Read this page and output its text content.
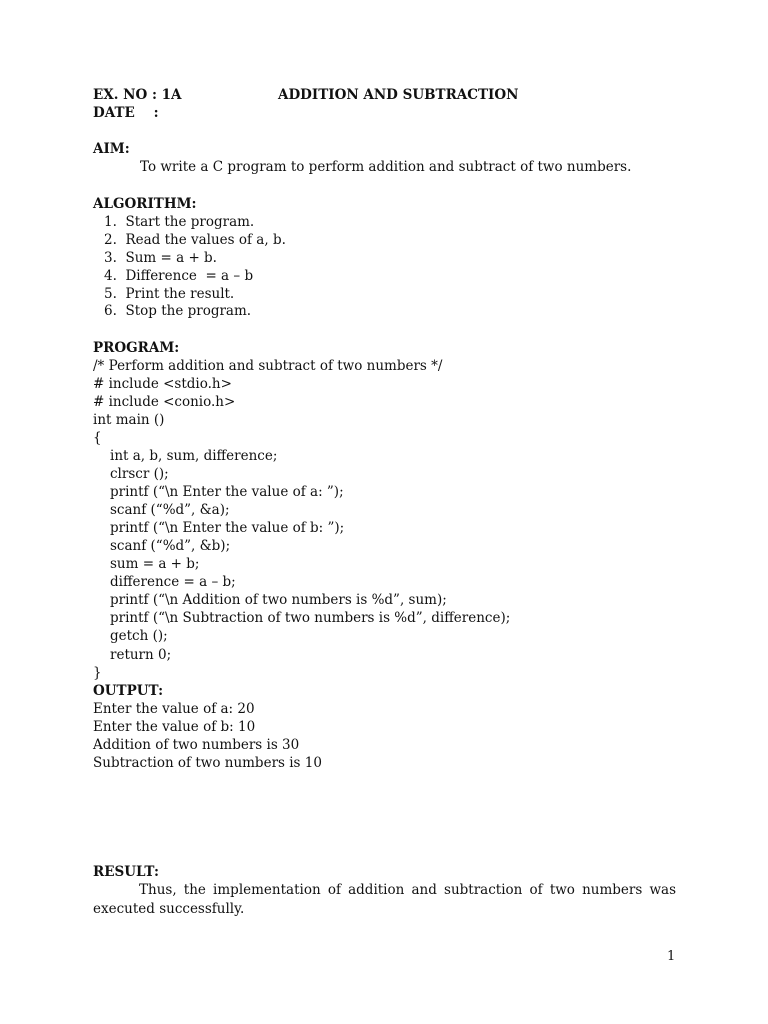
EX. NO : 1A	ADDITION AND SUBTRACTION
DATE    :
AIM:
To write a C program to perform addition and subtract of two numbers.
ALGORITHM:
1.  Start the program.
2.  Read the values of a, b.
3.  Sum = a + b.
4.  Difference  = a – b
5.  Print the result.
6.  Stop the program.
PROGRAM:
/* Perform addition and subtract of two numbers */
# include <stdio.h>
# include <conio.h>
int main ()
{
int a, b, sum, difference;
clrscr ();
printf (“\n Enter the value of a: ”);
scanf (“%d”, &a);
printf (“\n Enter the value of b: ”);
scanf (“%d”, &b);
sum = a + b;
difference = a – b;
printf (“\n Addition of two numbers is %d”, sum);
printf (“\n Subtraction of two numbers is %d”, difference);
getch ();
return 0;
}
OUTPUT:
Enter the value of a: 20
Enter the value of b: 10
Addition of two numbers is 30
Subtraction of two numbers is 10
RESULT:
Thus, the implementation of addition and subtraction of two numbers was executed successfully.
1
